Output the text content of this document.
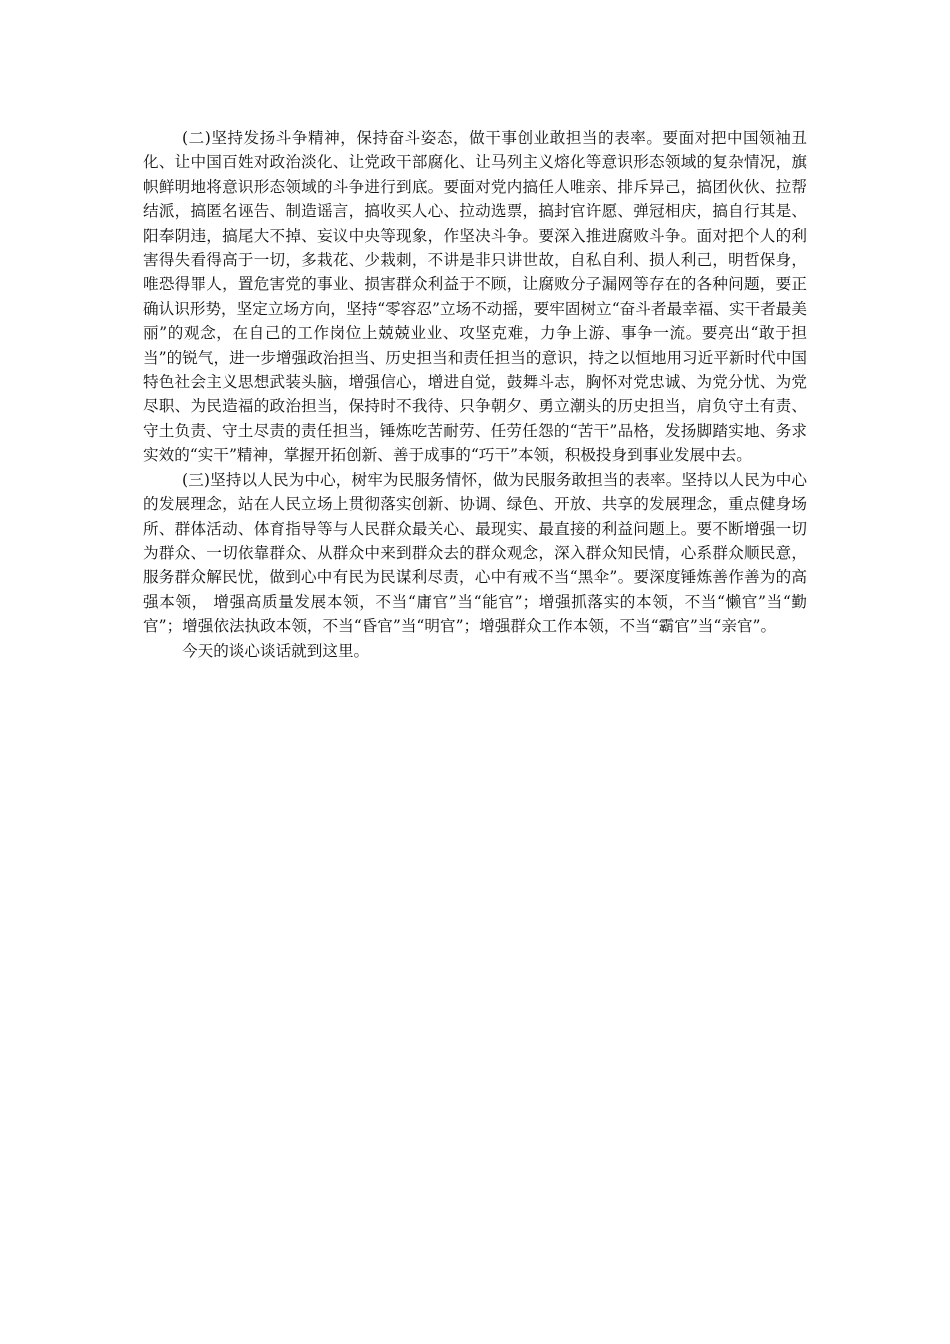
(二)坚持发扬斗争精神，保持奋斗姿态，做干事创业敢担当的表率。要面对把中国领袖丑化、让中国百姓对政治淡化、让党政干部腐化、让马列主义熔化等意识形态领域的复杂情况，旗帜鲜明地将意识形态领域的斗争进行到底。要面对党内搞任人唯亲、排斥异己，搞团伙伙、拉帮结派，搞匿名诬告、制造谣言，搞收买人心、拉动选票，搞封官许愿、弹冠相庆，搞自行其是、阳奉阴违，搞尾大不掉、妄议中央等现象，作坚决斗争。要深入推进腐败斗争。面对把个人的利害得失看得高于一切，多栽花、少栽刺，不讲是非只讲世故，自私自利、损人利己，明哲保身，唯恐得罪人，置危害党的事业、损害群众利益于不顾，让腐败分子漏网等存在的各种问题，要正确认识形势，坚定立场方向，坚持“零容忍”立场不动摇，要牢固树立“奋斗者最幸福、实干者最美丽”的观念，在自己的工作岗位上兢兢业业、攻坚克难，力争上游、事争一流。要亮出“敢于担当”的锐气，进一步增强政治担当、历史担当和责任担当的意识，持之以恒地用习近平新时代中国特色社会主义思想武装头脑，增强信心，增进自觉，鼓舞斗志，胸怀对党忠诚、为党分忧、为党尽职、为民造福的政治担当，保持时不我待、只争朝夕、勇立潮头的历史担当，肩负守土有责、守土负责、守土尽责的责任担当，锤炼吃苦耐劳、任劳任怨的“苦干”品格，发扬脚踏实地、务求实效的“实干”精神，掌握开拓创新、善于成事的“巧干”本领，积极投身到事业发展中去。

(三)坚持以人民为中心，树牢为民服务情怀，做为民服务敢担当的表率。坚持以人民为中心的发展理念，站在人民立场上贯彻落实创新、协调、绿色、开放、共享的发展理念，重点健身场所、群体活动、体育指导等与人民群众最关心、最现实、最直接的利益问题上。要不断增强一切为群众、一切依靠群众、从群众中来到群众去的群众观念，深入群众知民情，心系群众顺民意，服务群众解民忧，做到心中有民为民谋利尽责，心中有戒不当“黑伞”。要深度锤炼善作善为的高强本领， 增强高质量发展本领，不当“庸官”当“能官”；增强抓落实的本领，不当“懒官”当“勤官”；增强依法执政本领，不当“昏官”当“明官”；增强群众工作本领，不当“霸官”当“亲官”。

今天的谈心谈话就到这里。
